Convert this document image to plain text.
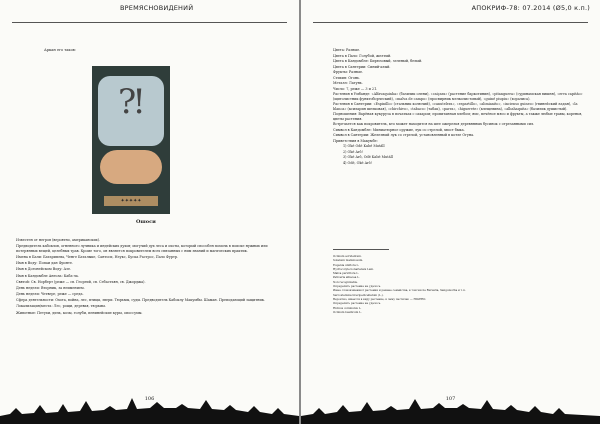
ВРЕМЯСНОВИДЕНИЙ
Аркан его таков:
⁈
✦✦✦✦✦
Ошоси

Известен от негров (вероятно, американских).

Предводитель кабоклов, огненного лучника и индейских духов; могучий дух леса и охоты, который способен помочь в поиске нужных или потерянных вещей, целебных трав. Кроме того, он является покровителем всех связанных с ним знаний и магических практик.

Имена в Бали: Батарипева, Ченге Баталыке, Сантоси, Неукс, Буска Растрос, Пало Фуртр.

Имя в Воду: Попаи дан Фронте.

Имя в Догонейском Воду: Азе.

Имя в Кандомбле Ангола: Каба-ла.

Святой: Св. Норберт (реже — св. Георгий, св. Себастьян, св. Джорджа).

День недели: Вторник, за неимением.

День недели: Четверг, реже — среда.

Сфера деятельности: Охота, война, лес, птицы, звери. Тюрьмы, суды. Предводитель Кабоклу Макумбы. Шаман. Преподающий защитник.

Локализация/места: Лес, рощи, деревья, тюрьмы.

Животные: Петухи, дичь, козы, голуби, пенинейские куры, опоссумы.

106
АПОКРИФ-78: 07.2014 (Ø5,0 к.п.)

Цвета: Разные.

Цвета в Пало: Голубой, желтый.

Цвета в Кандомбле: Бирюзовый, зеленый, белый.

Цвета в Сантерии: Синий-алый.

Фрукты: Разные.

Стихия: Огонь.

Металл: Латунь.

Число: 7, реже — 3 и 21.

Растения в Умбанде: «Alfavaquinha» (базилик олени), «caiçara» (растение баркотинин), «pitanguera» (суринамская вишня), «erva capitão» (щитолистник функтоборческий), «malva de campo» (просвирник мелколистовый), «guiné piupiu» (хоралиса).

Растения в Сантерии: «Espinillo» (стальник колючий), «canutelera», «espartillo», «alimianito», «incienso guineo» (гвинейский ладан), «la blanca» (ксилария шелковая), «chirchivo», «tabaco» (табак), «parra», «higuerete» (клещевина), «albahaquita» (базилик душистый).

Подношения: Варёная кукуруза в початках с сахаром; пропитанная хлебом; ямс, печёное мясо и фрукты, а также любые травы, коренья, цветы растения.

Встречается как покровитель, кто может находится на шее ожерелья деревянных бусинок с отрезанными сил.

Символ в Кандомбле: Миниатюрное оружие, лук со стрелой, хвост быка.

Символ в Сантерии: Железный лук со стрелой, установленный в котле Огуна.

Приветствия в Макумбе:

1) Oké Odé Kabé Mutáll

2) Oké Arô!

3) Oké Arô, Odé Kabé Mutáll

4) Odé, Oké Arô!

Ocimum acridentum.

Solanum mammosum.

Eugenia uniflora L.

Hydrocotyle bonariensis Lam.

Malva parviflora L.

Petiveria alliacea L.

Non recognizable.

Определить растение не удалось.

Иные словоизменяют растения и разные семейства, в том числе Bursaria, Sanguisorba и т.п.

Sarcostemma brevipedicellatum (L.).

Вероятно, имеется в виду растение, к чему частично — HIGERO.

Определить растение не удалось.

Ricinus communis L.

Ocimum basilicum L.

107
